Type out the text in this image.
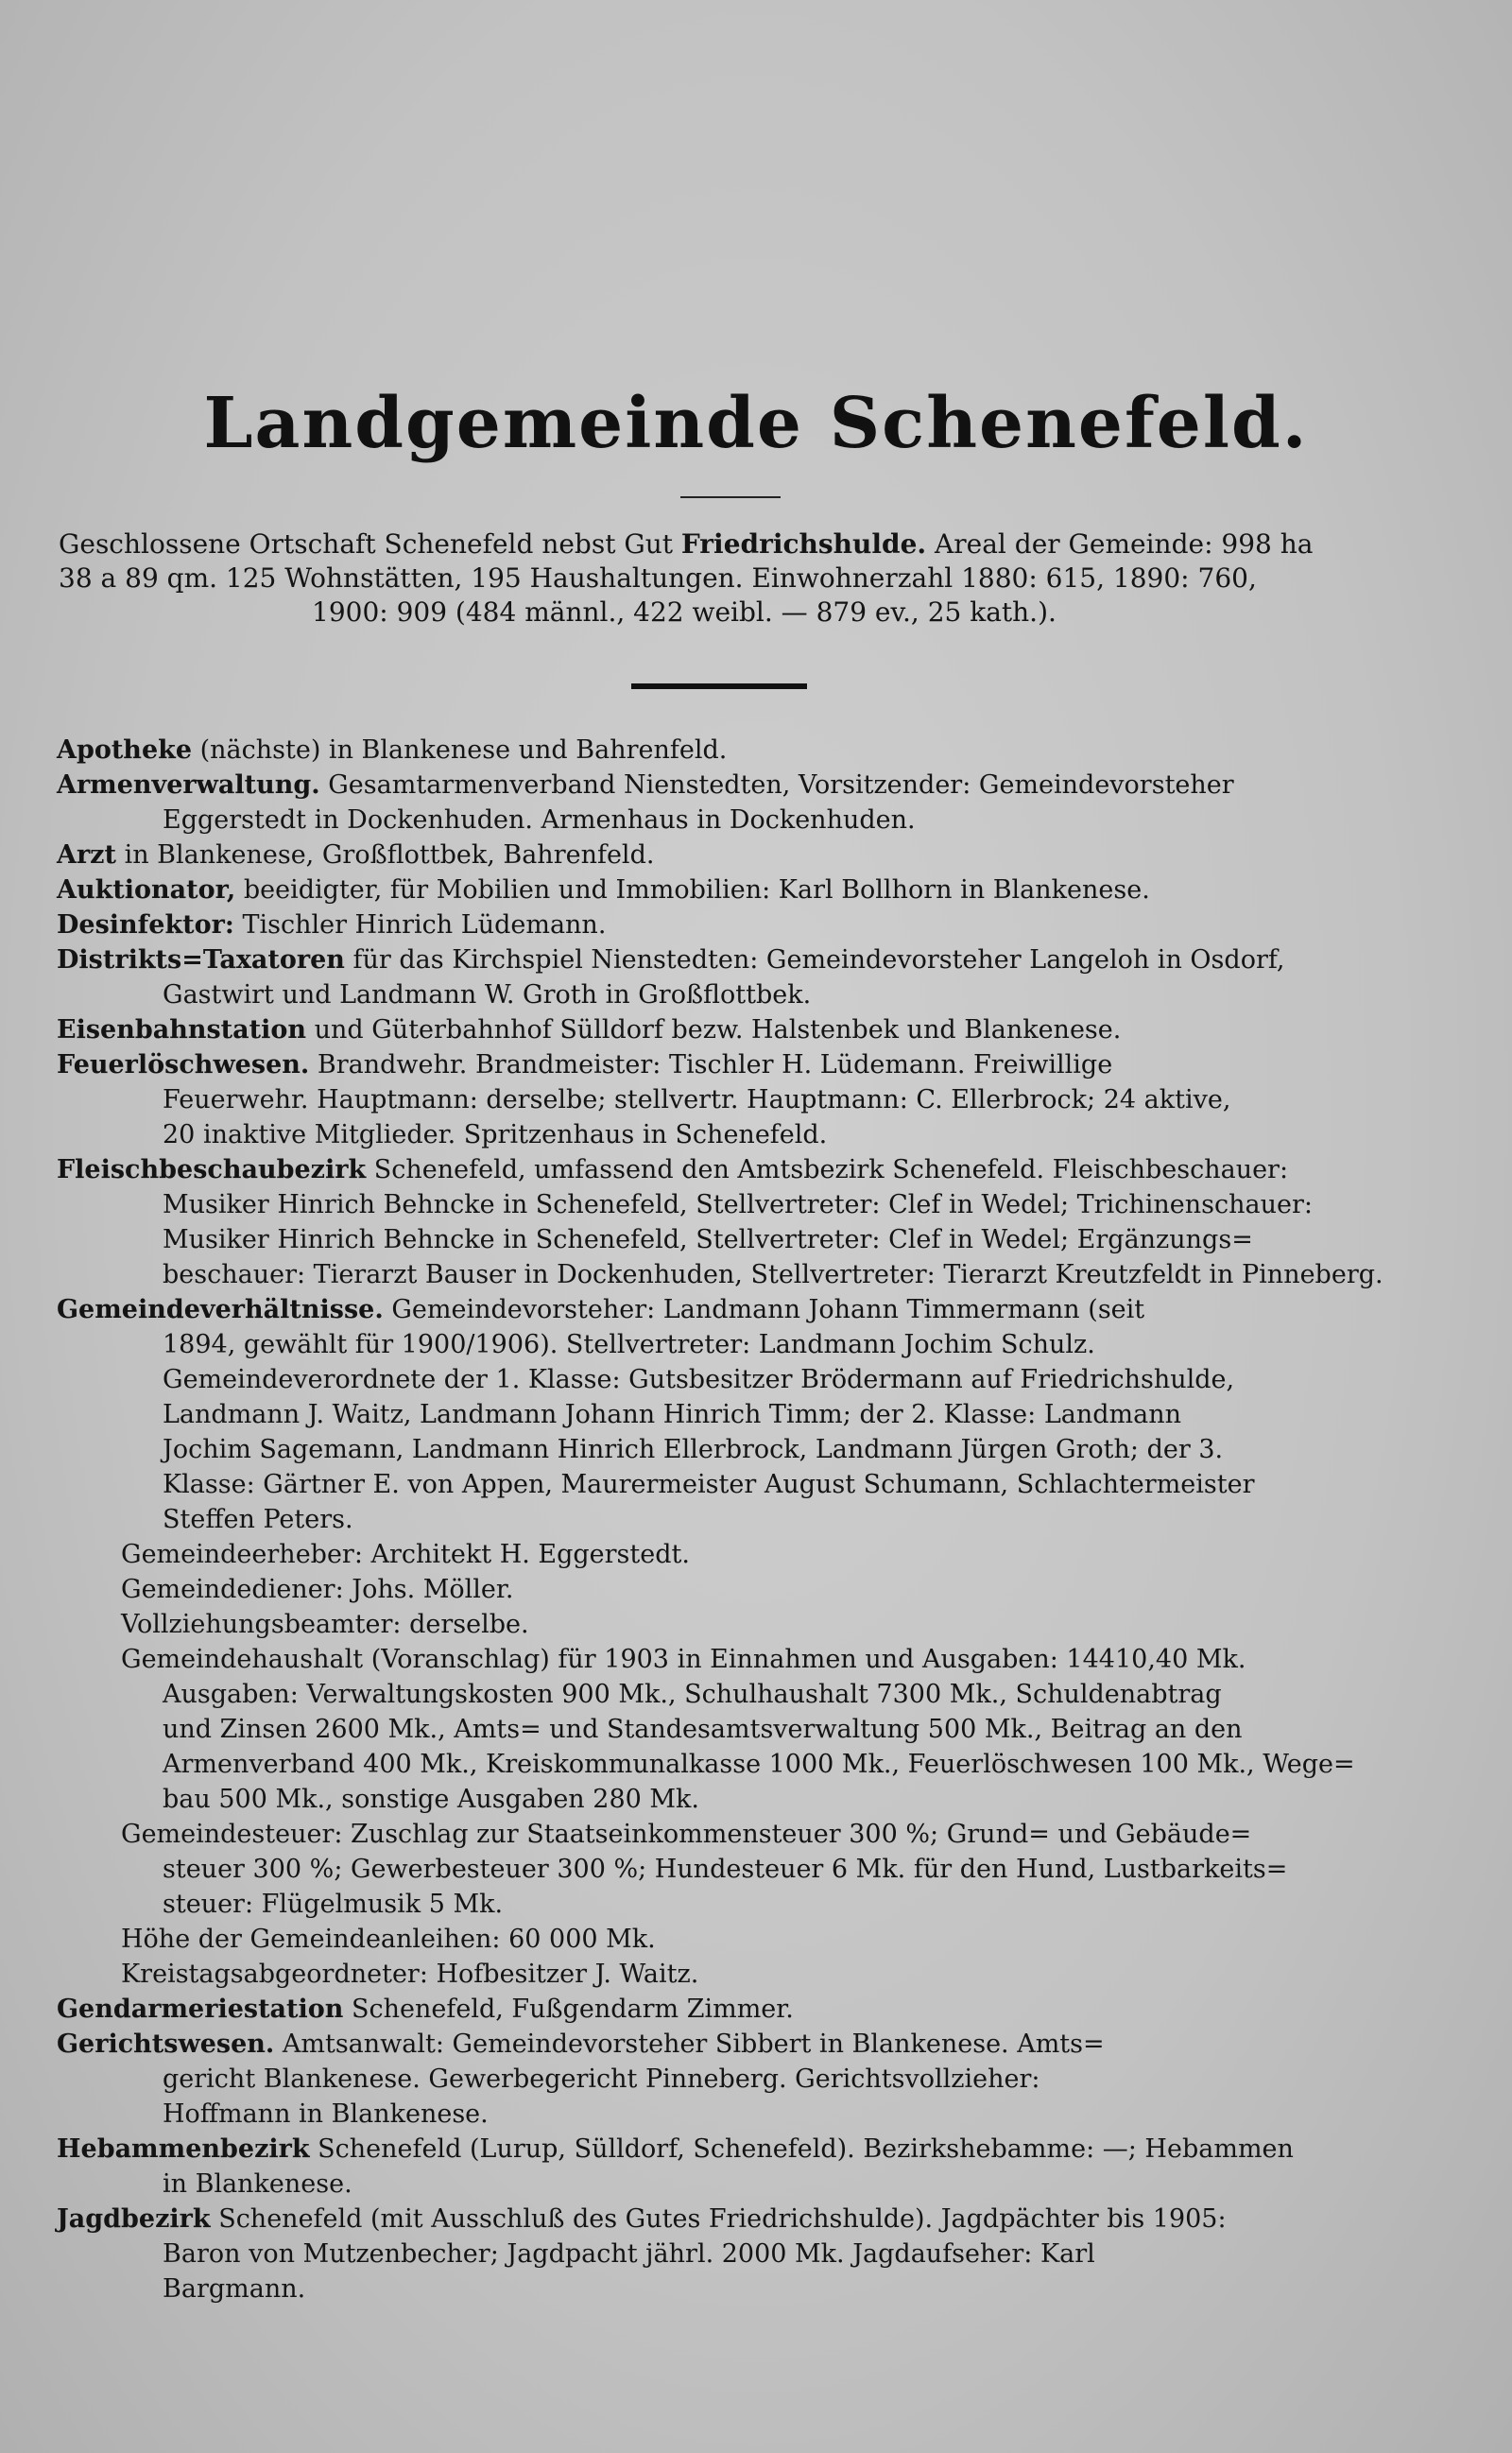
Landgemeinde Schenefeld.
Geschlossene Ortschaft Schenefeld nebst Gut Friedrichshulde. Areal der Gemeinde: 998 ha
38 a 89 qm. 125 Wohnstätten, 195 Haushaltungen. Einwohnerzahl 1880: 615, 1890: 760,
1900: 909 (484 männl., 422 weibl. — 879 ev., 25 kath.).
Apotheke (nächste) in Blankenese und Bahrenfeld.
Armenverwaltung. Gesamtarmenverband Nienstedten, Vorsitzender: Gemeindevorsteher
Eggerstedt in Dockenhuden. Armenhaus in Dockenhuden.
Arzt in Blankenese, Großflottbek, Bahrenfeld.
Auktionator, beeidigter, für Mobilien und Immobilien: Karl Bollhorn in Blankenese.
Desinfektor: Tischler Hinrich Lüdemann.
Distrikts=Taxatoren für das Kirchspiel Nienstedten: Gemeindevorsteher Langeloh in Osdorf,
Gastwirt und Landmann W. Groth in Großflottbek.
Eisenbahnstation und Güterbahnhof Sülldorf bezw. Halstenbek und Blankenese.
Feuerlöschwesen. Brandwehr. Brandmeister: Tischler H. Lüdemann. Freiwillige
Feuerwehr. Hauptmann: derselbe; stellvertr. Hauptmann: C. Ellerbrock; 24 aktive,
20 inaktive Mitglieder. Spritzenhaus in Schenefeld.
Fleischbeschaubezirk Schenefeld, umfassend den Amtsbezirk Schenefeld. Fleischbeschauer:
Musiker Hinrich Behncke in Schenefeld, Stellvertreter: Clef in Wedel; Trichinenschauer:
Musiker Hinrich Behncke in Schenefeld, Stellvertreter: Clef in Wedel; Ergänzungs=
beschauer: Tierarzt Bauser in Dockenhuden, Stellvertreter: Tierarzt Kreutzfeldt in Pinneberg.
Gemeindeverhältnisse. Gemeindevorsteher: Landmann Johann Timmermann (seit
1894, gewählt für 1900/1906). Stellvertreter: Landmann Jochim Schulz.
Gemeindeverordnete der 1. Klasse: Gutsbesitzer Brödermann auf Friedrichshulde,
Landmann J. Waitz, Landmann Johann Hinrich Timm; der 2. Klasse: Landmann
Jochim Sagemann, Landmann Hinrich Ellerbrock, Landmann Jürgen Groth; der 3.
Klasse: Gärtner E. von Appen, Maurermeister August Schumann, Schlachtermeister
Steffen Peters.
Gemeindeerheber: Architekt H. Eggerstedt.
Gemeindediener: Johs. Möller.
Vollziehungsbeamter: derselbe.
Gemeindehaushalt (Voranschlag) für 1903 in Einnahmen und Ausgaben: 14410,40 Mk.
Ausgaben: Verwaltungskosten 900 Mk., Schulhaushalt 7300 Mk., Schuldenabtrag
und Zinsen 2600 Mk., Amts= und Standesamtsverwaltung 500 Mk., Beitrag an den
Armenverband 400 Mk., Kreiskommunalkasse 1000 Mk., Feuerlöschwesen 100 Mk., Wege=
bau 500 Mk., sonstige Ausgaben 280 Mk.
Gemeindesteuer: Zuschlag zur Staatseinkommensteuer 300 %; Grund= und Gebäude=
steuer 300 %; Gewerbesteuer 300 %; Hundesteuer 6 Mk. für den Hund, Lustbarkeits=
steuer: Flügelmusik 5 Mk.
Höhe der Gemeindeanleihen: 60 000 Mk.
Kreistagsabgeordneter: Hofbesitzer J. Waitz.
Gendarmeriestation Schenefeld, Fußgendarm Zimmer.
Gerichtswesen. Amtsanwalt: Gemeindevorsteher Sibbert in Blankenese. Amts=
gericht Blankenese. Gewerbegericht Pinneberg. Gerichtsvollzieher:
Hoffmann in Blankenese.
Hebammenbezirk Schenefeld (Lurup, Sülldorf, Schenefeld). Bezirkshebamme: —; Hebammen
in Blankenese.
Jagdbezirk Schenefeld (mit Ausschluß des Gutes Friedrichshulde). Jagdpächter bis 1905:
Baron von Mutzenbecher; Jagdpacht jährl. 2000 Mk. Jagdaufseher: Karl
Bargmann.
